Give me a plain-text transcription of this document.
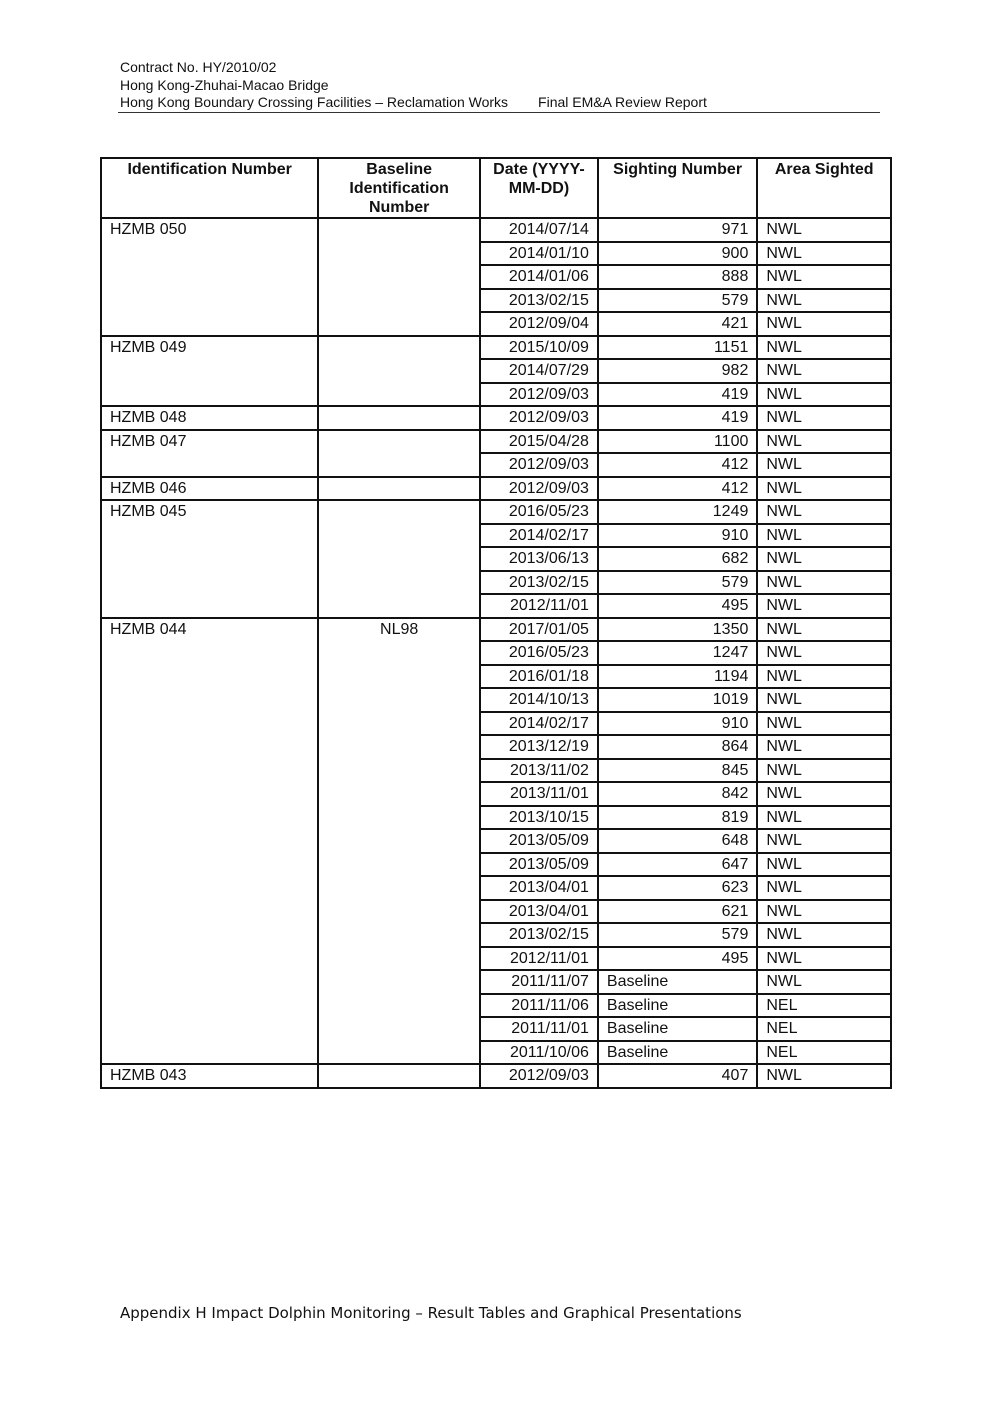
Contract No. HY/2010/02
Hong Kong-Zhuhai-Macao Bridge
Hong Kong Boundary Crossing Facilities – Reclamation Works Final EM&A Review Report
Identification Number	Baseline Identification Number	Date (YYYY-MM-DD)	Sighting Number	Area Sighted
HZMB 050		2014/07/14	971	NWL
		2014/01/10	900	NWL
		2014/01/06	888	NWL
		2013/02/15	579	NWL
		2012/09/04	421	NWL
HZMB 049		2015/10/09	1151	NWL
		2014/07/29	982	NWL
		2012/09/03	419	NWL
HZMB 048		2012/09/03	419	NWL
HZMB 047		2015/04/28	1100	NWL
		2012/09/03	412	NWL
HZMB 046		2012/09/03	412	NWL
HZMB 045		2016/05/23	1249	NWL
		2014/02/17	910	NWL
		2013/06/13	682	NWL
		2013/02/15	579	NWL
		2012/11/01	495	NWL
HZMB 044	NL98	2017/01/05	1350	NWL
		2016/05/23	1247	NWL
		2016/01/18	1194	NWL
		2014/10/13	1019	NWL
		2014/02/17	910	NWL
		2013/12/19	864	NWL
		2013/11/02	845	NWL
		2013/11/01	842	NWL
		2013/10/15	819	NWL
		2013/05/09	648	NWL
		2013/05/09	647	NWL
		2013/04/01	623	NWL
		2013/04/01	621	NWL
		2013/02/15	579	NWL
		2012/11/01	495	NWL
		2011/11/07	Baseline	NWL
		2011/11/06	Baseline	NEL
		2011/11/01	Baseline	NEL
		2011/10/06	Baseline	NEL
HZMB 043		2012/09/03	407	NWL
Appendix H Impact Dolphin Monitoring – Result Tables and Graphical Presentations
